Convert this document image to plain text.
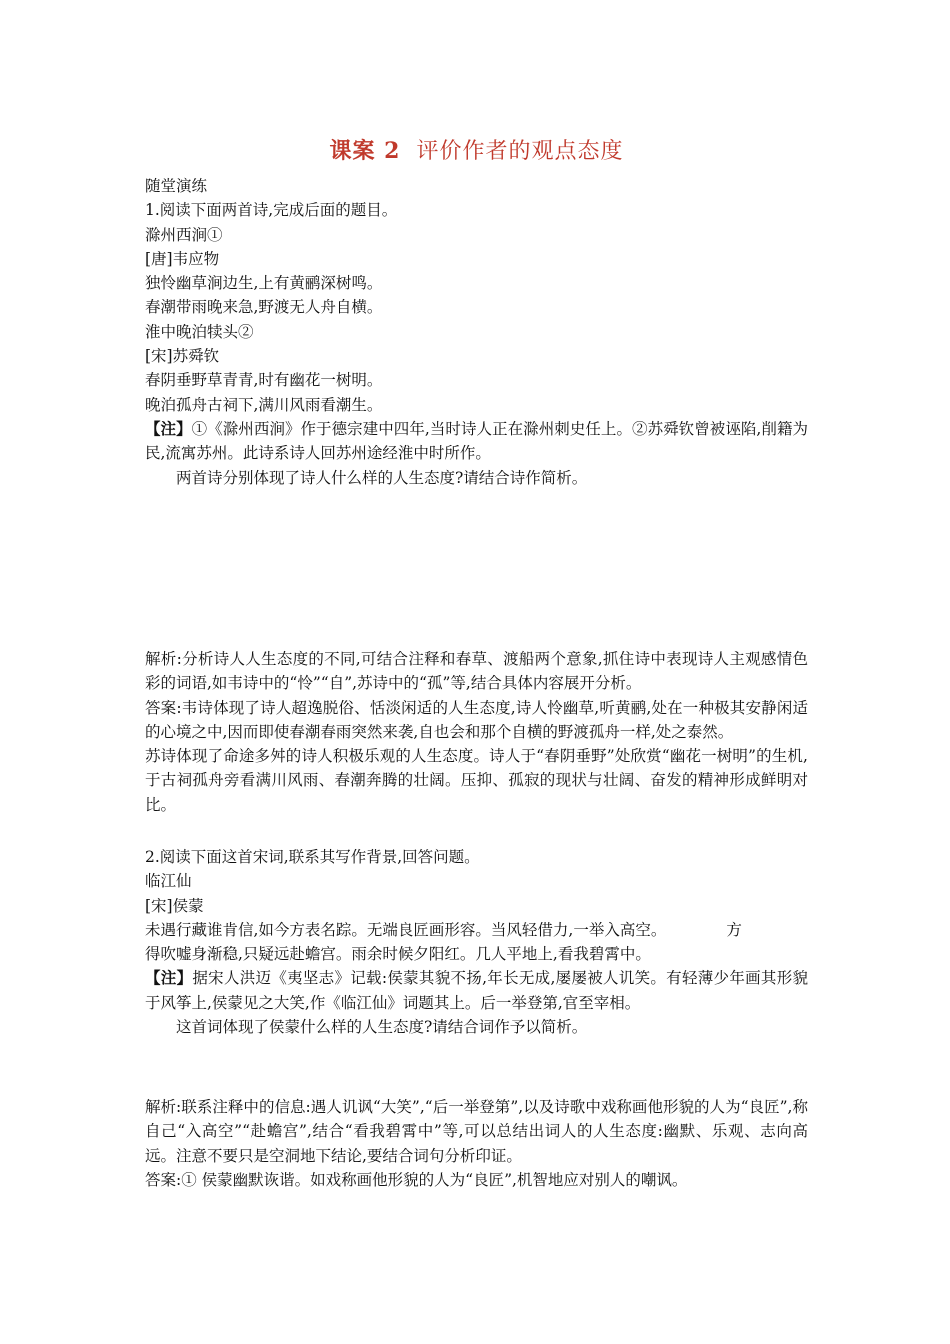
课案 2 评价作者的观点态度
随堂演练
1.阅读下面两首诗,完成后面的题目。
滁州西涧①
[唐]韦应物
独怜幽草涧边生,上有黄鹂深树鸣。
春潮带雨晚来急,野渡无人舟自横。
淮中晚泊犊头②
[宋]苏舜钦
春阴垂野草青青,时有幽花一树明。
晚泊孤舟古祠下,满川风雨看潮生。
【注】①《滁州西涧》作于德宗建中四年,当时诗人正在滁州刺史任上。②苏舜钦曾被诬陷,削籍为民,流寓苏州。此诗系诗人回苏州途经淮中时所作。
两首诗分别体现了诗人什么样的人生态度?请结合诗作简析。
解析:分析诗人人生态度的不同,可结合注释和春草、渡船两个意象,抓住诗中表现诗人主观感情色彩的词语,如韦诗中的“怜”“自”,苏诗中的“孤”等,结合具体内容展开分析。
答案:韦诗体现了诗人超逸脱俗、恬淡闲适的人生态度,诗人怜幽草,听黄鹂,处在一种极其安静闲适的心境之中,因而即使春潮春雨突然来袭,自也会和那个自横的野渡孤舟一样,处之泰然。
苏诗体现了命途多舛的诗人积极乐观的人生态度。诗人于“春阴垂野”处欣赏“幽花一树明”的生机,于古祠孤舟旁看满川风雨、春潮奔腾的壮阔。压抑、孤寂的现状与壮阔、奋发的精神形成鲜明对比。
2.阅读下面这首宋词,联系其写作背景,回答问题。
临江仙
[宋]侯蒙
未遇行藏谁肯信,如今方表名踪。无端良匠画形容。当风轻借力,一举入高空。	方
得吹嘘身渐稳,只疑远赴蟾宫。雨余时候夕阳红。几人平地上,看我碧霄中。
【注】据宋人洪迈《夷坚志》记载:侯蒙其貌不扬,年长无成,屡屡被人讥笑。有轻薄少年画其形貌于风筝上,侯蒙见之大笑,作《临江仙》词题其上。后一举登第,官至宰相。
这首词体现了侯蒙什么样的人生态度?请结合词作予以简析。
解析:联系注释中的信息:遇人讥讽“大笑”,“后一举登第”,以及诗歌中戏称画他形貌的人为“良匠”,称自己“入高空”“赴蟾宫”,结合“看我碧霄中”等,可以总结出词人的人生态度:幽默、乐观、志向高远。注意不要只是空洞地下结论,要结合词句分析印证。
答案:① 侯蒙幽默诙谐。如戏称画他形貌的人为“良匠”,机智地应对别人的嘲讽。
